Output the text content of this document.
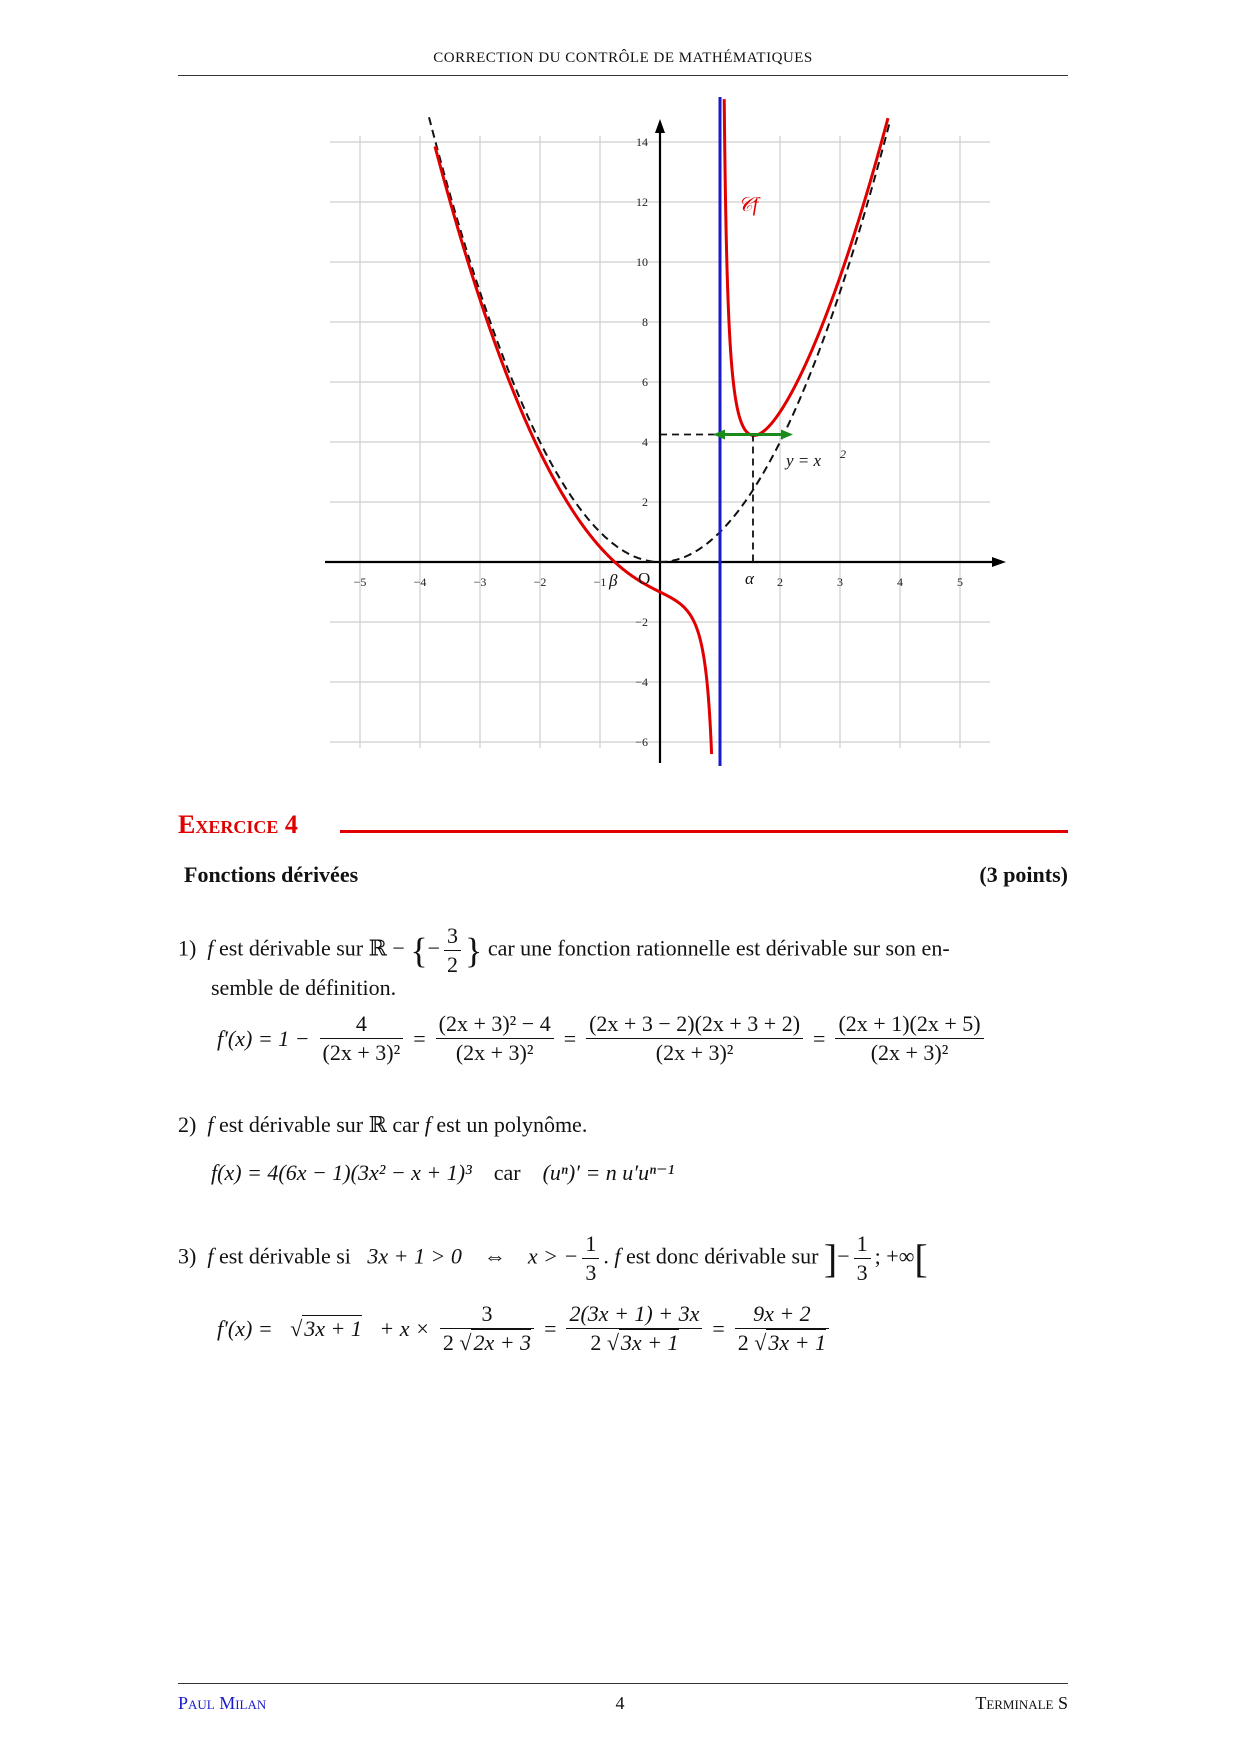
CORRECTION DU CONTRÔLE DE MATHÉMATIQUES
−5	−4	−3	−2	−1	2	3	4	5
−6
−4
−2
2
4
6
8
10
12
14
O
β	α
𝒞f
y = x 2
Exercice 4
Fonctions dérivées	(3 points)
1) f est dérivable sur ℝ − {− $\frac{3}{2}$ } car une fonction rationnelle est dérivable sur son en-
semble de définition.
$f'(x) = 1 - \frac{4}{\text{(2x + 3)²}} = \frac{\text{(2x + 3)² − 4}}{\text{(2x + 3)²}} = \frac{(2x + 3 - 2)(2x + 3 + 2)}{\text{(2x + 3)²}} = \frac{(2x + 1)(2x + 5)}{\text{(2x + 3)²}}$
2) f est dérivable sur ℝ car f est un polynôme.
f(x) = 4(6x − 1)(3x² − x + 1)³ car (uⁿ)′ = n u′uⁿ⁻¹
3) f est dérivable si 3x + 1 > 0 ⇔ x > − $\frac{1}{3}$ . f est donc dérivable sur ]− $\frac{1}{3}$ ; +∞[
$f'(x) = √3x + 1 + x \times \frac{3}{2 √2x + 3} = \frac{2(3x + 1) + 3x}{2 √3x + 1} = \frac{9x + 2}{2 √3x + 1}$
Paul Milan	4	Terminale S
